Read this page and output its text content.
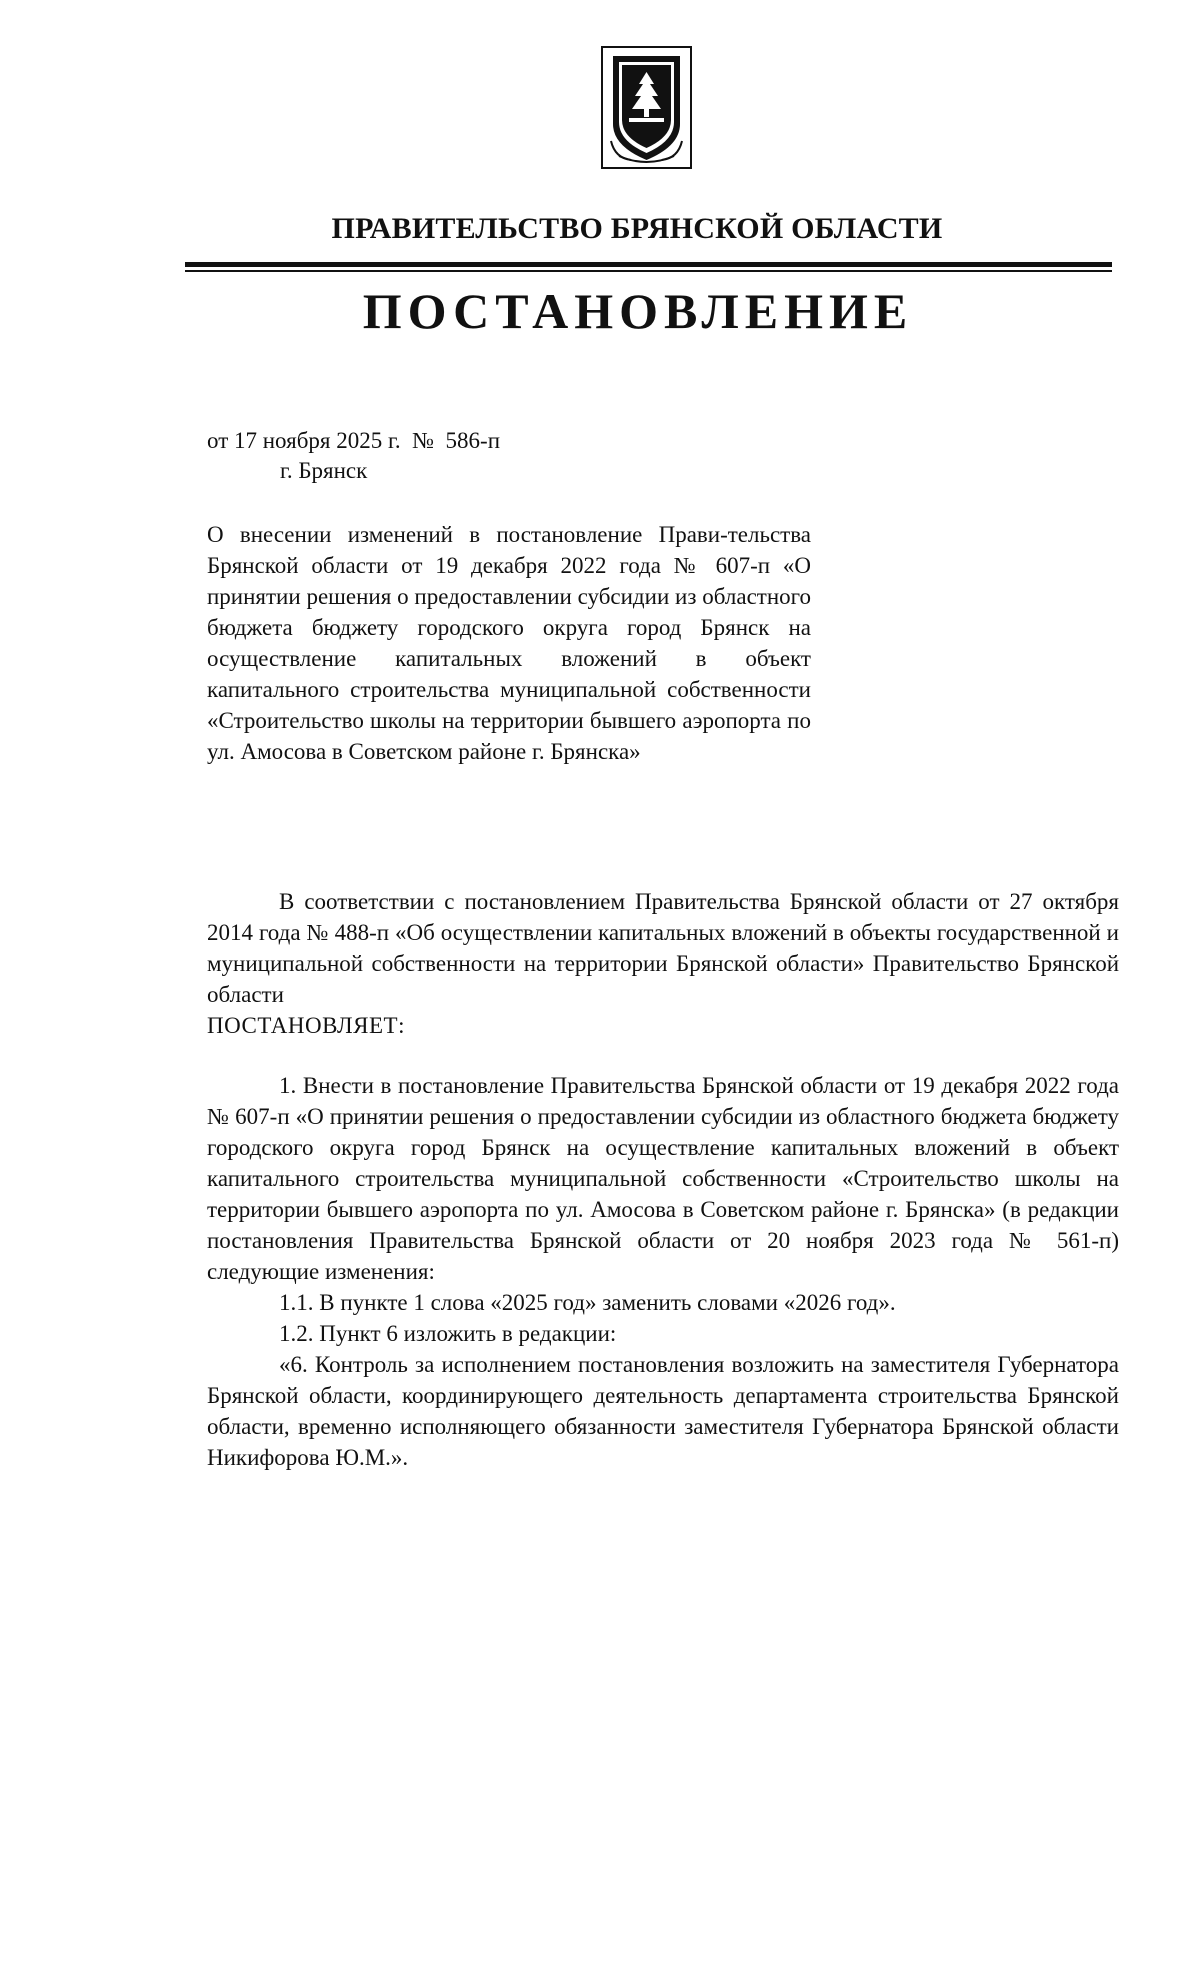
ПРАВИТЕЛЬСТВО БРЯНСКОЙ ОБЛАСТИ
ПОСТАНОВЛЕНИЕ
от 17 ноября 2025 г. № 586-п
г. Брянск
О внесении изменений в постановление Прави-тельства Брянской области от 19 декабря 2022 года № 607-п «О принятии решения о предоставлении субсидии из областного бюджета бюджету городского округа город Брянск на осуществление капитальных вложений в объект капитального строительства муниципальной собственности «Строительство школы на территории бывшего аэропорта по ул. Амосова в Советском районе г. Брянска»

В соответствии с постановлением Правительства Брянской области от 27 октября 2014 года № 488-п «Об осуществлении капитальных вложений в объекты государственной и муниципальной собственности на территории Брянской области» Правительство Брянской области

ПОСТАНОВЛЯЕТ:

1. Внести в постановление Правительства Брянской области от 19 декабря 2022 года № 607-п «О принятии решения о предоставлении субсидии из областного бюджета бюджету городского округа город Брянск на осуществление капитальных вложений в объект капитального строительства муниципальной собственности «Строительство школы на территории бывшего аэропорта по ул. Амосова в Советском районе г. Брянска» (в редакции постановления Правительства Брянской области от 20 ноября 2023 года № 561-п) следующие изменения:

1.1. В пункте 1 слова «2025 год» заменить словами «2026 год».

1.2. Пункт 6 изложить в редакции:

«6. Контроль за исполнением постановления возложить на заместителя Губернатора Брянской области, координирующего деятельность департамента строительства Брянской области, временно исполняющего обязанности заместителя Губернатора Брянской области Никифорова Ю.М.».
